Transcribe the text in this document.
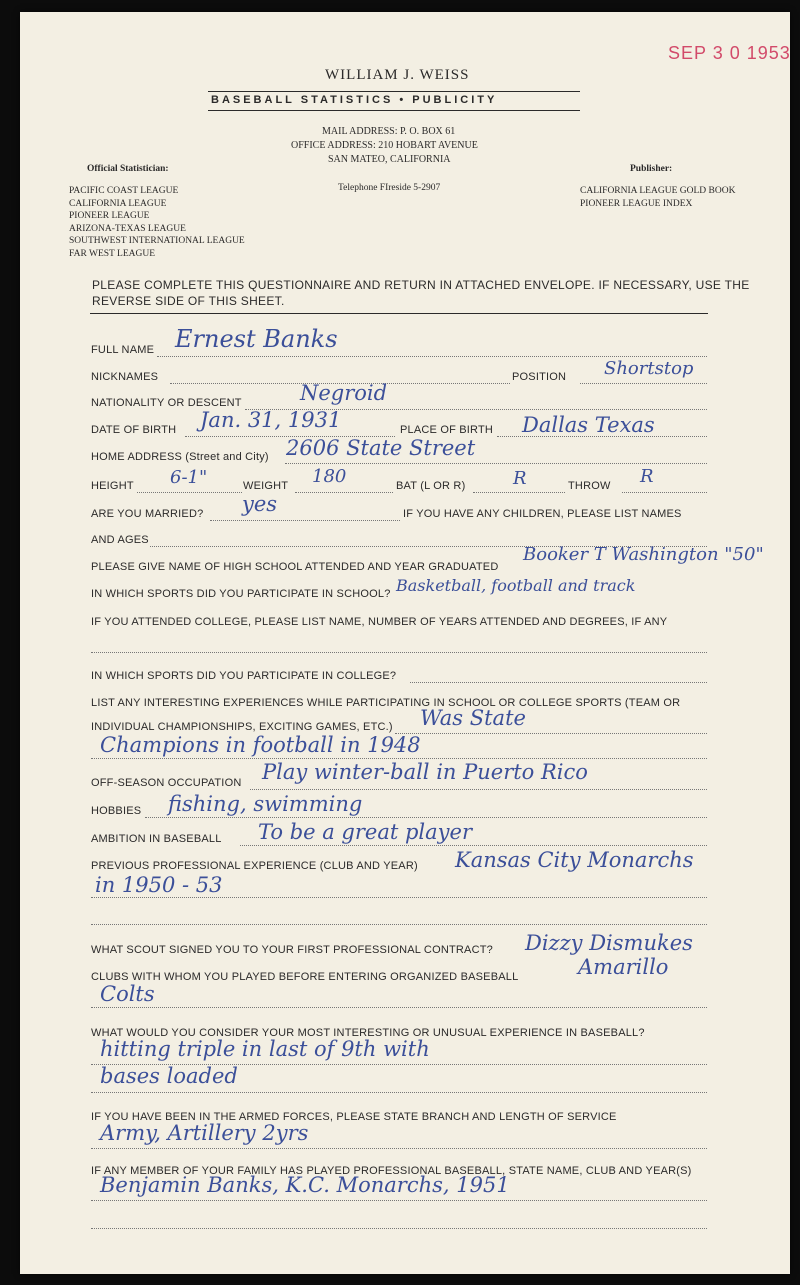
SEP 3 0 1953
WILLIAM J. WEISS
BASEBALL STATISTICS • PUBLICITY
MAIL ADDRESS: P. O. BOX 61
OFFICE ADDRESS: 210 HOBART AVENUE
SAN MATEO, CALIFORNIA
Telephone FIreside 5-2907
Official Statistician:
PACIFIC COAST LEAGUE
CALIFORNIA LEAGUE
PIONEER LEAGUE
ARIZONA-TEXAS LEAGUE
SOUTHWEST INTERNATIONAL LEAGUE
FAR WEST LEAGUE
Publisher:
CALIFORNIA LEAGUE GOLD BOOK
PIONEER LEAGUE INDEX
PLEASE COMPLETE THIS QUESTIONNAIRE AND RETURN IN ATTACHED ENVELOPE. IF NECESSARY, USE THE
REVERSE SIDE OF THIS SHEET.
FULL NAME Ernest Banks
NICKNAMES	POSITION Shortstop
NATIONALITY OR DESCENT	Negroid
DATE OF BIRTH Jan. 31, 1931	PLACE OF BIRTH Dallas Texas
HOME ADDRESS (Street and City) 2606 State Street
HEIGHT 6-1"	WEIGHT 180	BAT (L OR R)	R	THROW R
ARE YOU MARRIED? yes	IF YOU HAVE ANY CHILDREN, PLEASE LIST NAMES
AND AGES
PLEASE GIVE NAME OF HIGH SCHOOL ATTENDED AND YEAR GRADUATED
Booker T Washington "50"
IN WHICH SPORTS DID YOU PARTICIPATE IN SCHOOL? Basketball, football and track
IF YOU ATTENDED COLLEGE, PLEASE LIST NAME, NUMBER OF YEARS ATTENDED AND DEGREES, IF ANY
IN WHICH SPORTS DID YOU PARTICIPATE IN COLLEGE?
LIST ANY INTERESTING EXPERIENCES WHILE PARTICIPATING IN SCHOOL OR COLLEGE SPORTS (TEAM OR
INDIVIDUAL CHAMPIONSHIPS, EXCITING GAMES, ETC.) Was State
Champions in football in 1948
OFF-SEASON OCCUPATION Play winter-ball in Puerto Rico
HOBBIES fishing, swimming
AMBITION IN BASEBALL To be a great player
PREVIOUS PROFESSIONAL EXPERIENCE (CLUB AND YEAR) Kansas City Monarchs
in 1950 - 53
WHAT SCOUT SIGNED YOU TO YOUR FIRST PROFESSIONAL CONTRACT? Dizzy Dismukes
CLUBS WITH WHOM YOU PLAYED BEFORE ENTERING ORGANIZED BASEBALL	Amarillo
Colts
WHAT WOULD YOU CONSIDER YOUR MOST INTERESTING OR UNUSUAL EXPERIENCE IN BASEBALL?
hitting triple in last of 9th with
bases loaded
IF YOU HAVE BEEN IN THE ARMED FORCES, PLEASE STATE BRANCH AND LENGTH OF SERVICE
Army, Artillery 2yrs
IF ANY MEMBER OF YOUR FAMILY HAS PLAYED PROFESSIONAL BASEBALL, STATE NAME, CLUB AND YEAR(S)
Benjamin Banks, K.C. Monarchs, 1951
